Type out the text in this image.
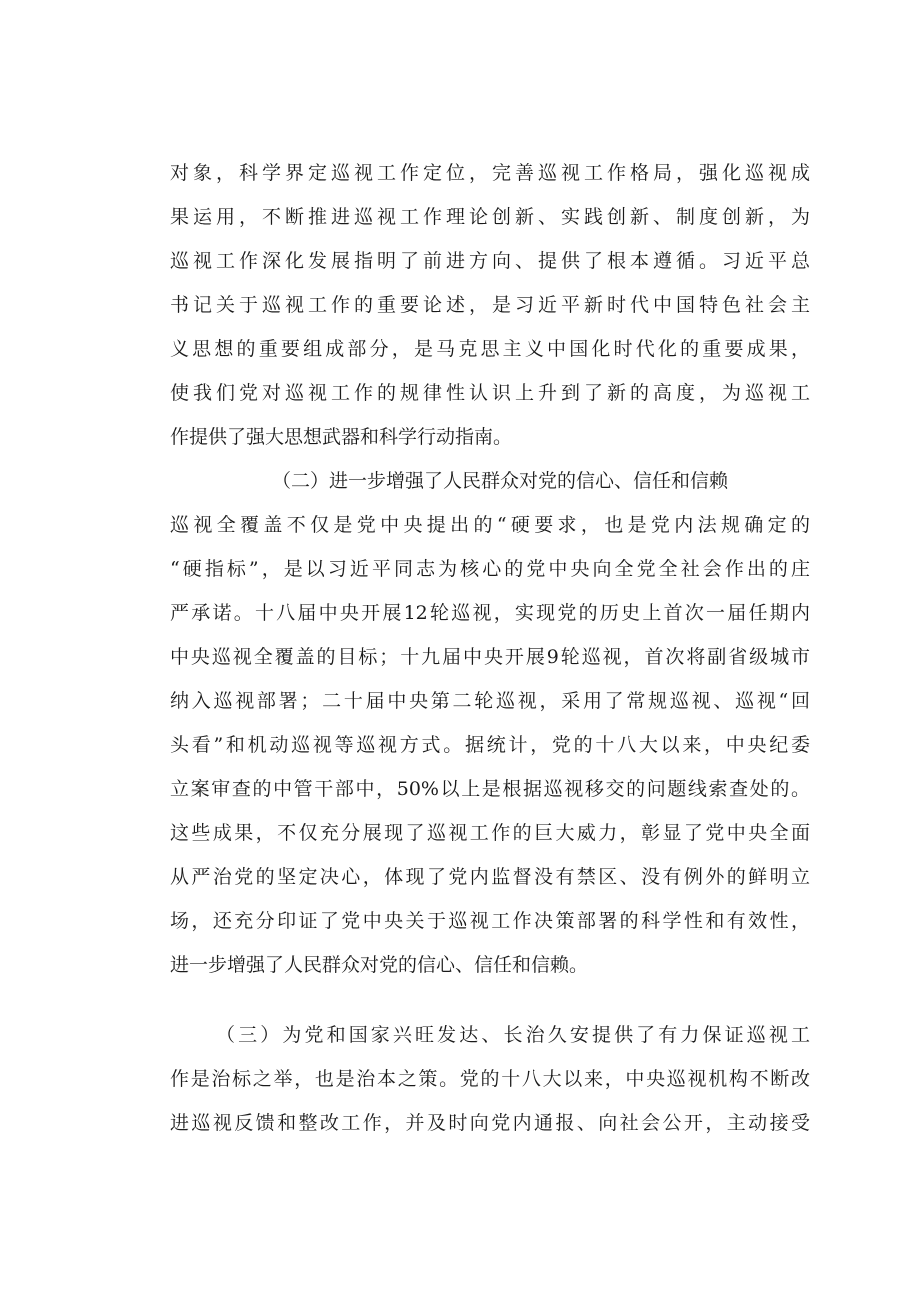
对象，科学界定巡视工作定位，完善巡视工作格局，强化巡视成
果运用，不断推进巡视工作理论创新、实践创新、制度创新，为
巡视工作深化发展指明了前进方向、提供了根本遵循。习近平总
书记关于巡视工作的重要论述，是习近平新时代中国特色社会主
义思想的重要组成部分，是马克思主义中国化时代化的重要成果，
使我们党对巡视工作的规律性认识上升到了新的高度，为巡视工
作提供了强大思想武器和科学行动指南。
（二）进一步增强了人民群众对党的信心、信任和信赖
巡视全覆盖不仅是党中央提出的“硬要求，也是党内法规确定的
“硬指标”，是以习近平同志为核心的党中央向全党全社会作出的庄
严承诺。十八届中央开展12轮巡视，实现党的历史上首次一届任期内
中央巡视全覆盖的目标；十九届中央开展9轮巡视，首次将副省级城市
纳入巡视部署；二十届中央第二轮巡视，采用了常规巡视、巡视“回
头看”和机动巡视等巡视方式。据统计，党的十八大以来，中央纪委
立案审查的中管干部中，50%以上是根据巡视移交的问题线索查处的。
这些成果，不仅充分展现了巡视工作的巨大威力，彰显了党中央全面
从严治党的坚定决心，体现了党内监督没有禁区、没有例外的鲜明立
场，还充分印证了党中央关于巡视工作决策部署的科学性和有效性，
进一步增强了人民群众对党的信心、信任和信赖。
（三）为党和国家兴旺发达、长治久安提供了有力保证巡视工
作是治标之举，也是治本之策。党的十八大以来，中央巡视机构不断改
进巡视反馈和整改工作，并及时向党内通报、向社会公开，主动接受
